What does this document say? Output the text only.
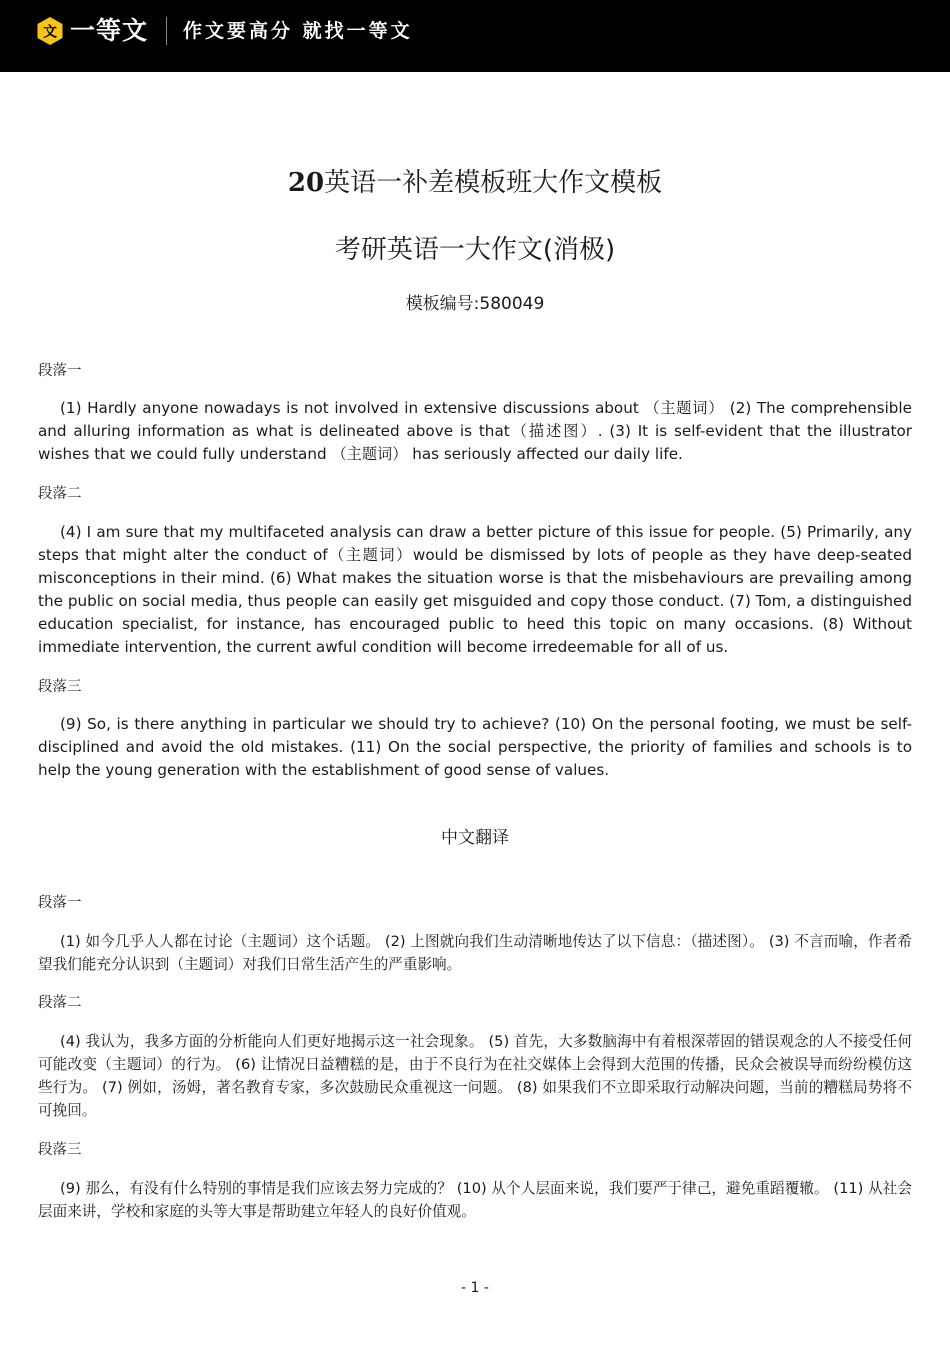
文 一等文 作文要高分 就找一等文
20英语一补差模板班大作文模板
考研英语一大作文(消极)
模板编号:580049
段落一

(1) Hardly anyone nowadays is not involved in extensive discussions about （主题词） (2) The comprehensible and alluring information as what is delineated above is that（描述图）. (3) It is self-evident that the illustrator wishes that we could fully understand （主题词） has seriously affected our daily life.

段落二

(4) I am sure that my multifaceted analysis can draw a better picture of this issue for people. (5) Primarily, any steps that might alter the conduct of（主题词）would be dismissed by lots of people as they have deep-seated misconceptions in their mind. (6) What makes the situation worse is that the misbehaviours are prevailing among the public on social media, thus people can easily get misguided and copy those conduct. (7) Tom, a distinguished education specialist, for instance, has encouraged public to heed this topic on many occasions. (8) Without immediate intervention, the current awful condition will become irredeemable for all of us.

段落三

(9) So, is there anything in particular we should try to achieve? (10) On the personal footing, we must be self-disciplined and avoid the old mistakes. (11) On the social perspective, the priority of families and schools is to help the young generation with the establishment of good sense of values.

中文翻译
段落一

(1) 如今几乎人人都在讨论（主题词）这个话题。 (2) 上图就向我们生动清晰地传达了以下信息：（描述图）。 (3) 不言而喻，作者希望我们能充分认识到（主题词）对我们日常生活产生的严重影响。

段落二

(4) 我认为，我多方面的分析能向人们更好地揭示这一社会现象。 (5) 首先，大多数脑海中有着根深蒂固的错误观念的人不接受任何可能改变（主题词）的行为。 (6) 让情况日益糟糕的是，由于不良行为在社交媒体上会得到大范围的传播，民众会被误导而纷纷模仿这些行为。 (7) 例如，汤姆，著名教育专家，多次鼓励民众重视这一问题。 (8) 如果我们不立即采取行动解决问题，当前的糟糕局势将不可挽回。

段落三

(9) 那么，有没有什么特别的事情是我们应该去努力完成的？ (10) 从个人层面来说，我们要严于律己，避免重蹈覆辙。 (11) 从社会层面来讲，学校和家庭的头等大事是帮助建立年轻人的良好价值观。

- 1 -
